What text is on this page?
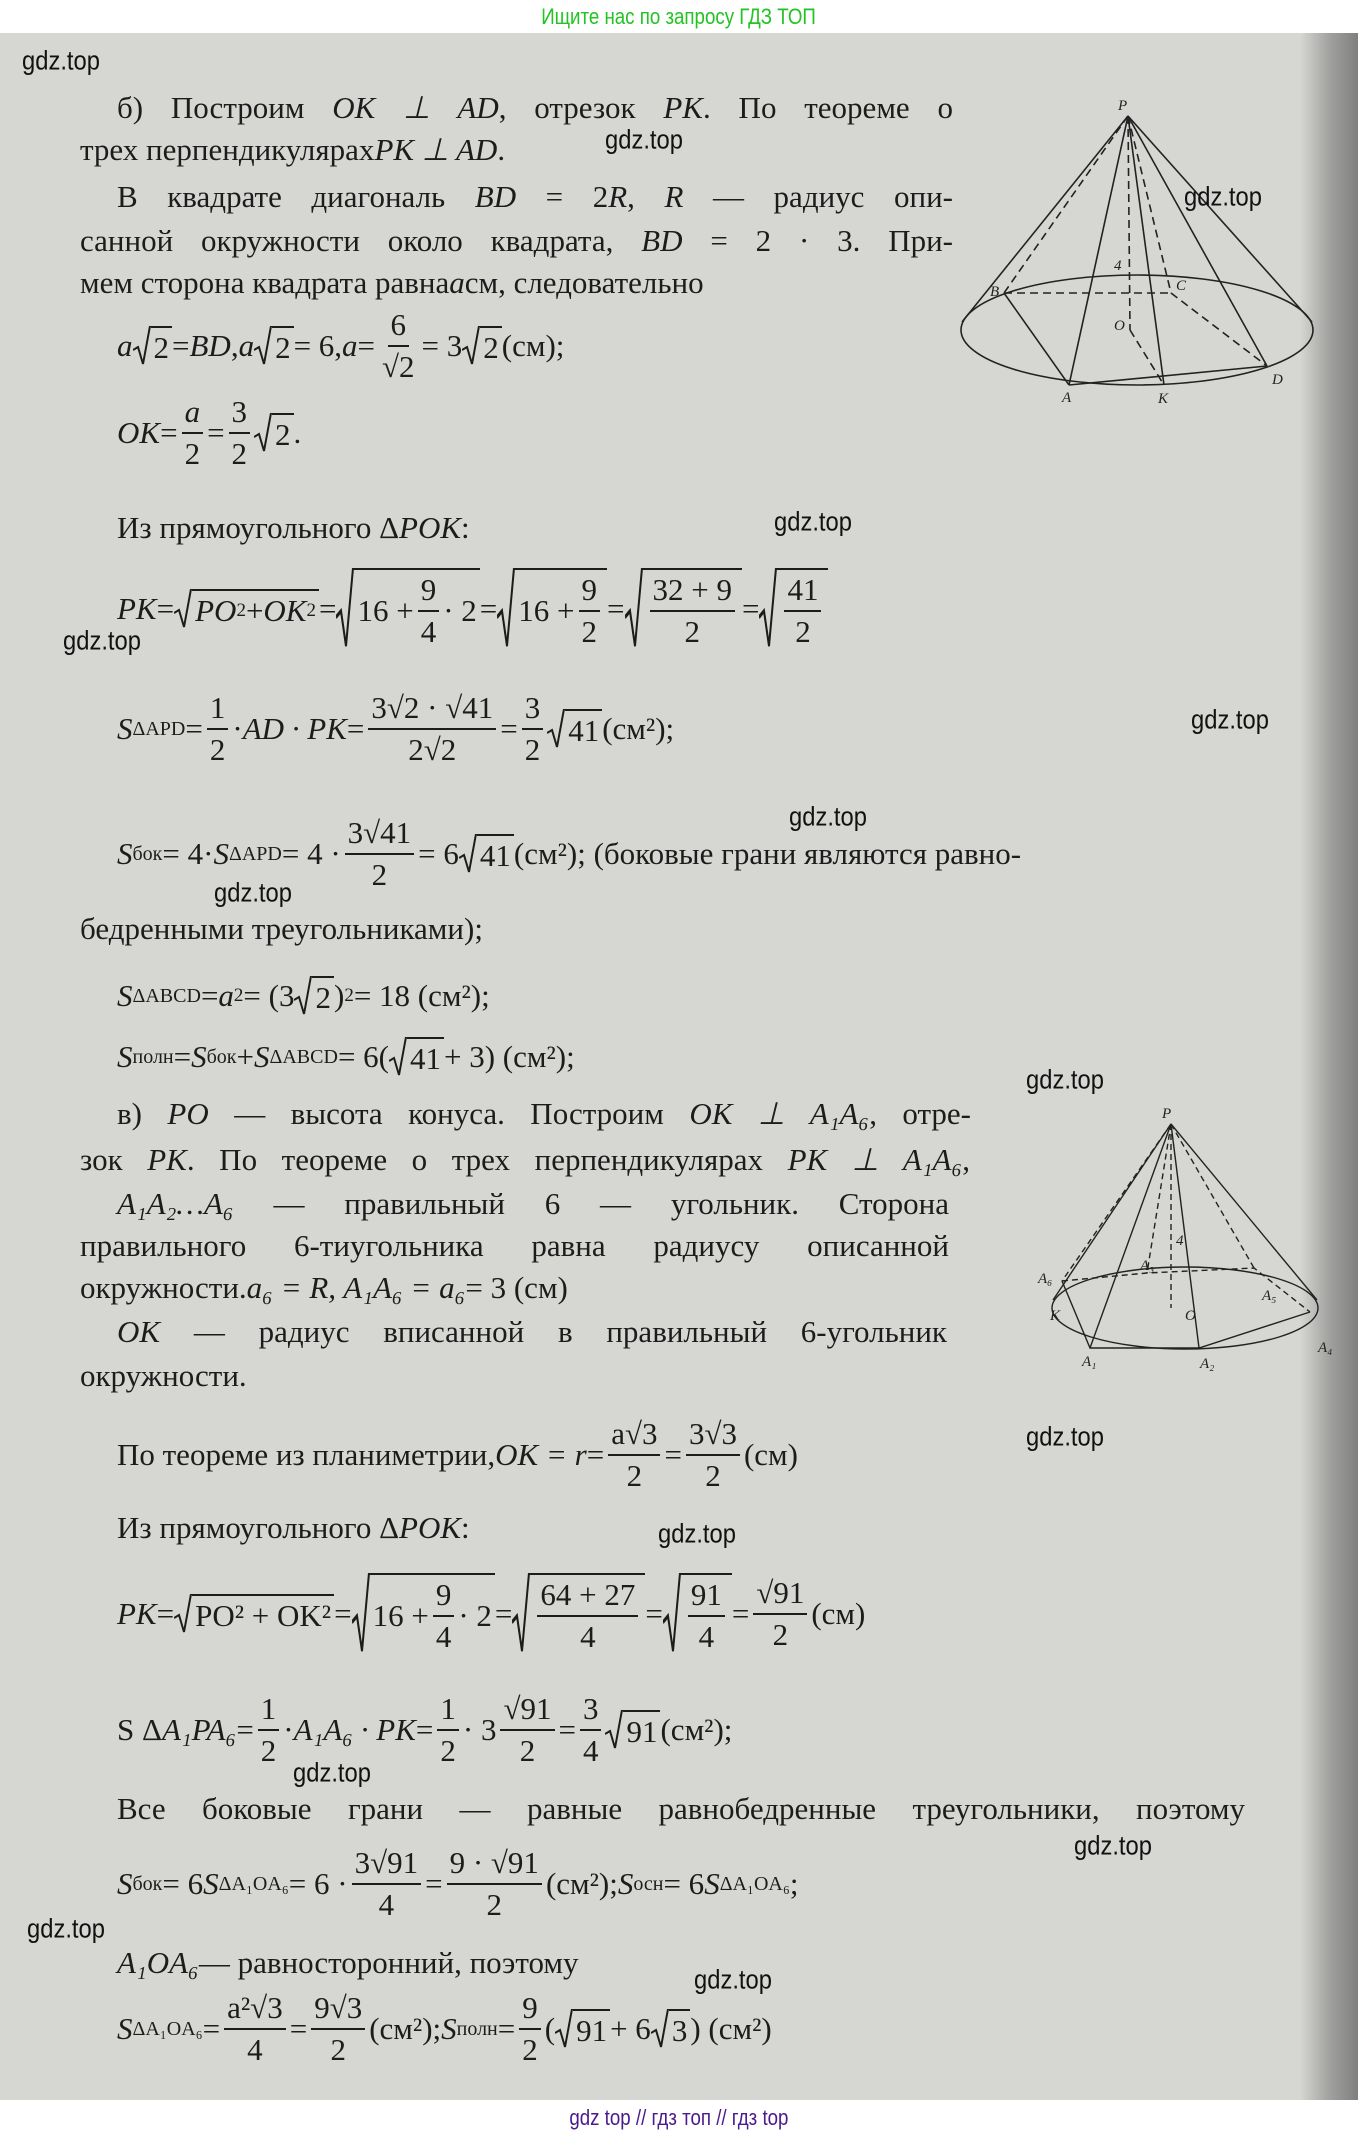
Ищите нас по запросу ГДЗ ТОП
P
B	C
O
A	K
D
4
P
A₆
A₅
A₄
A₃
K	O
A₁	A₂
4
б) Построим OK ⊥ AD, отрезок PK. По теореме о
трех перпендикулярах PK ⊥ AD .
В квадрате диагональ BD = 2R, R — радиус опи-
санной окружности около квадрата, BD = 2 · 3. При-
мем сторона квадрата равна a см, следовательно
a 2 = BD , a 2 = 6, $a = \frac{6}{√2} = 3$ 2 (см);
OK = $\frac{a}{2} = \frac{3}{2} 2$ .
Из прямоугольного Δ POK :
PK = PO 2 + OK $2 = 16 + \frac{9}{4} \cdot 2 = 16 + \frac{9}{2} = \frac{32 + 9}{2} = \frac{41}{2}$
S $\Delta APD = \frac{1}{2}$ · AD · PK = $\frac{3√2 \cdot √41}{2√2} = \frac{3}{2} 41$ (см²);
S бок = 4· S $\Delta APD = 4 \cdot \frac{3√41}{2} = 6$ 41 (см²); (боковые грани являются равно-
бедренными треугольниками);
S ΔABCD = a 2 = (3 2 ) 2 = 18 (см²);
S полн = S бок + S ΔABCD = 6( 41 + 3) (см²);
в) PO — высота конуса. Построим OK ⊥ A₁A₆, отре-
зок PK. По теореме о трех перпендикулярах PK ⊥ A₁A₆,
A₁A₂…A₆ — правильный 6 — угольник. Сторона
правильного 6-тиугольника равна радиусу описанной
окружности. a₆ = R, A₁A₆ = a₆ = 3 (см)
OK — радиус вписанной в правильный 6-угольник
окружности.
По теореме из планиметрии, OK = $r = \frac{a√3}{2} = \frac{3√3}{2} (см)$
Из прямоугольного Δ POK :
PK = $PO^2 + OK^2 = 16 + \frac{9}{4} \cdot 2 = \frac{64 + 27}{4} = \frac{91}{4} = \frac{√91}{2} (см)$
S Δ $A_1PA_6 = \frac{1}{2} \cdot A_1A_6$ · PK = $\frac{1}{2} \cdot 3 \frac{√91}{2} = \frac{3}{4} 91$ (см²);
Все боковые грани — равные равнобедренные треугольники, поэтому
S бок = 6 S $\Delta A_1OA_6 = 6 \cdot \frac{3√91}{4} = \frac{9 \cdot √91}{2} (см^2)$; S осн = 6 S ΔA₁OA₆ ;
A₁OA₆ — равносторонний, поэтому
S $\Delta A_1OA_6 = \frac{\text{a²√3}}{4} = \frac{9√3}{2} (см^2)$; S полн = $\frac{9}{2}$ ( 91 + 6 3 ) (см²)
gdz.top
gdz.top
gdz.top
gdz.top
gdz.top
gdz.top
gdz.top
gdz.top
gdz.top
gdz.top
gdz.top
gdz.top
gdz.top
gdz.top
gdz.top
gdz top // гдз топ // гдз top
